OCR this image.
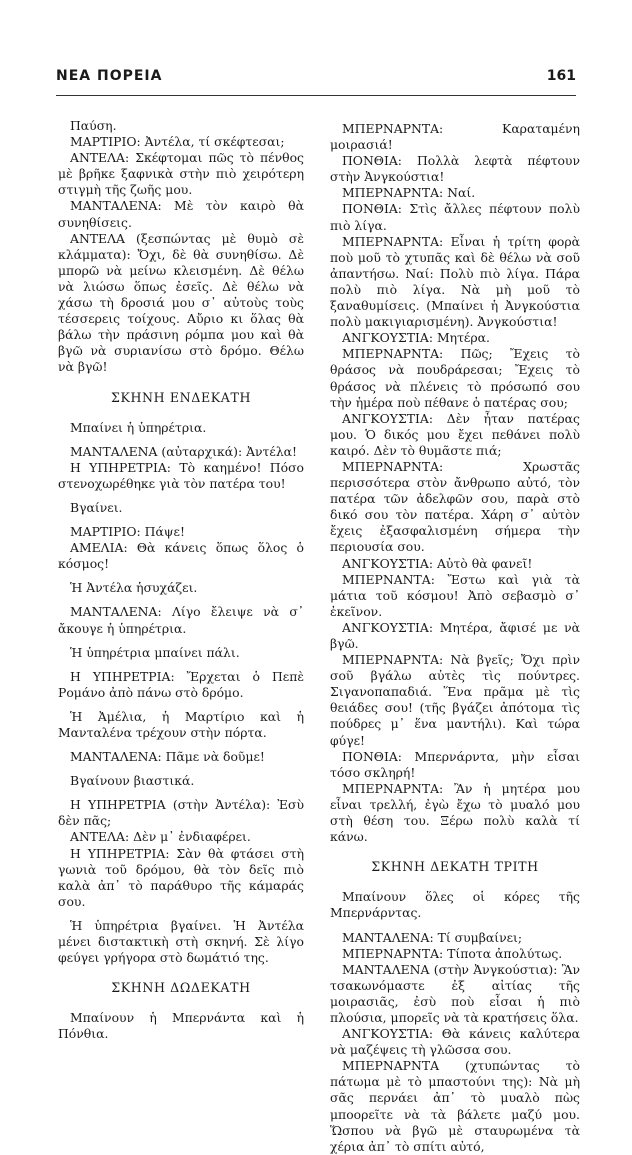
ΝΕΑ ΠΟΡΕΙΑ	161

Παύση.

ΜΑΡΤΙΡΙΟ: Ἀντέλα, τί σκέφτεσαι;

ΑΝΤΕΛΑ: Σκέφτομαι πῶς τὸ πένθος μὲ βρῆκε ξαφνικὰ στὴν πιὸ χειρότερη στιγμὴ τῆς ζωῆς μου.

ΜΑΝΤΑΛΕΝΑ: Μὲ τὸν καιρὸ θὰ συνηθίσεις.

ΑΝΤΕΛΑ (ξεσπώντας μὲ θυμὸ σὲ κλάμματα): Ὄχι, δὲ θὰ συνηθίσω. Δὲ μπορῶ νὰ μείνω κλεισμένη. Δὲ θέλω νὰ λιώσω ὅπως ἐσεῖς. Δὲ θέλω νὰ χάσω τὴ δροσιά μου σ᾽ αὐτοὺς τοὺς τέσσερεις τοίχους. Αὔριο κι ὅλας θὰ βάλω τὴν πράσινη ρόμπα μου καὶ θὰ βγῶ νὰ συριανίσω στὸ δρόμο. Θέλω νὰ βγῶ!

ΣΚΗΝΗ ΕΝΔΕΚΑΤΗ

Μπαίνει ἡ ὑπηρέτρια.

ΜΑΝΤΑΛΕΝΑ (αὐταρχικά): Ἀντέλα!

Η ΥΠΗΡΕΤΡΙΑ: Τὸ καημένο! Πόσο στενοχωρέθηκε γιὰ τὸν πατέρα του!

Βγαίνει.

ΜΑΡΤΙΡΙΟ: Πάψε!

ΑΜΕΛΙΑ: Θὰ κάνεις ὅπως ὅλος ὁ κόσμος!

Ἡ Ἀντέλα ἡσυχάζει.

ΜΑΝΤΑΛΕΝΑ: Λίγο ἔλειψε νὰ σ᾽ ἄκουγε ἡ ὑπηρέτρια.

Ἡ ὑπηρέτρια μπαίνει πάλι.

Η ΥΠΗΡΕΤΡΙΑ: Ἔρχεται ὁ Πεπὲ Ρομάνο ἀπὸ πάνω στὸ δρόμο.

Ἡ Ἀμέλια, ἡ Μαρτίριο καὶ ἡ Μανταλένα τρέχουν στὴν πόρτα.

ΜΑΝΤΑΛΕΝΑ: Πᾶμε νὰ δοῦμε!

Βγαίνουν βιαστικά.

Η ΥΠΗΡΕΤΡΙΑ (στὴν Ἀντέλα): Ἐσὺ δὲν πᾶς;

ΑΝΤΕΛΑ: Δὲν μ᾽ ἐνδιαφέρει.

Η ΥΠΗΡΕΤΡΙΑ: Σὰν θὰ φτάσει στὴ γωνιὰ τοῦ δρόμου, θὰ τὸν δεῖς πιὸ καλὰ ἀπ᾽ τὸ παράθυρο τῆς κάμαράς σου.

Ἡ ὑπηρέτρια βγαίνει. Ἡ Ἀντέλα μένει διστακτικὴ στὴ σκηνή. Σὲ λίγο φεύγει γρήγορα στὸ δωμάτιό της.

ΣΚΗΝΗ ΔΩΔΕΚΑΤΗ

Μπαίνουν ἡ Μπερνάντα καὶ ἡ Πόνθια.

ΜΠΕΡΝΑΡΝΤΑ: Καραταμένη μοιρασιά!

ΠΟΝΘΙΑ: Πολλὰ λεφτὰ πέφτουν στὴν Ἀνγκούστια!

ΜΠΕΡΝΑΡΝΤΑ: Ναί.

ΠΟΝΘΙΑ: Στὶς ἄλλες πέφτουν πολὺ πιὸ λίγα.

ΜΠΕΡΝΑΡΝΤΑ: Εἶναι ἡ τρίτη φορὰ ποὺ μοῦ τὸ χτυπᾶς καὶ δὲ θέλω νὰ σοῦ ἀπαντήσω. Ναί: Πολὺ πιὸ λίγα. Πάρα πολὺ πιὸ λίγα. Νὰ μὴ μοῦ τὸ ξαναθυμίσεις. (Μπαίνει ἡ Ἀνγκούστια πολὺ μακιγιαρισμένη). Ἀνγκούστια!

ΑΝΓΚΟΥΣΤΙΑ: Μητέρα.

ΜΠΕΡΝΑΡΝΤΑ: Πῶς; Ἔχεις τὸ θράσος νὰ πουδράρεσαι; Ἔχεις τὸ θράσος νὰ πλένεις τὸ πρόσωπό σου τὴν ἡμέρα ποὺ πέθανε ὁ πατέρας σου;

ΑΝΓΚΟΥΣΤΙΑ: Δὲν ἦταν πατέρας μου. Ὁ δικός μου ἔχει πεθάνει πολὺ καιρό. Δὲν τὸ θυμᾶστε πιά;

ΜΠΕΡΝΑΡΝΤΑ: Χρωστᾶς περισσότερα στὸν ἄνθρωπο αὐτό, τὸν πατέρα τῶν ἀδελφῶν σου, παρὰ στὸ δικό σου τὸν πατέρα. Χάρη σ᾽ αὐτὸν ἔχεις ἐξασφαλισμένη σήμερα τὴν περιουσία σου.

ΑΝΓΚΟΥΣΤΙΑ: Αὐτὸ θὰ φανεῖ!

ΜΠΕΡΝΑΝΤΑ: Ἔστω καὶ γιὰ τὰ μάτια τοῦ κόσμου! Ἀπὸ σεβασμὸ σ᾽ ἐκεῖνον.

ΑΝΓΚΟΥΣΤΙΑ: Μητέρα, ἄφισέ με νὰ βγῶ.

ΜΠΕΡΝΑΡΝΤΑ: Νὰ βγεῖς; Ὄχι πρὶν σοῦ βγάλω αὐτὲς τὶς πούντρες. Σιγανοπαπαδιά. Ἕνα πρᾶμα μὲ τὶς θειάδες σου! (τῆς βγάζει ἀπότομα τὶς πούδρες μ᾽ ἕνα μαντήλι). Καὶ τώρα φύγε!

ΠΟΝΘΙΑ: Μπερνάρντα, μὴν εἶσαι τόσο σκληρή!

ΜΠΕΡΝΑΡΝΤΑ: Ἂν ἡ μητέρα μου εἶναι τρελλή, ἐγὼ ἔχω τὸ μυαλό μου στὴ θέση του. Ξέρω πολὺ καλὰ τί κάνω.

ΣΚΗΝΗ ΔΕΚΑΤΗ ΤΡΙΤΗ

Μπαίνουν ὅλες οἱ κόρες τῆς Μπερνάρντας.

ΜΑΝΤΑΛΕΝΑ: Τί συμβαίνει;

ΜΠΕΡΝΑΡΝΤΑ: Τίποτα ἀπολύτως.

ΜΑΝΤΑΛΕΝΑ (στὴν Ἀνγκούστια): Ἂν τσακωνόμαστε ἐξ αἰτίας τῆς μοιρασιᾶς, ἐσὺ ποὺ εἶσαι ἡ πιὸ πλούσια, μπορεῖς νὰ τὰ κρατήσεις ὅλα.

ΑΝΓΚΟΥΣΤΙΑ: Θὰ κάνεις καλύτερα νὰ μαζέψεις τὴ γλῶσσα σου.

ΜΠΕΡΝΑΡΝΤΑ (χτυπώντας τὸ πάτωμα μὲ τὸ μπαστούνι της): Νὰ μὴ σᾶς περνάει ἀπ᾽ τὸ μυαλὸ πὼς μποορεῖτε νὰ τὰ βάλετε μαζύ μου. Ὥσπου νὰ βγῶ μὲ σταυρωμένα τὰ χέρια ἀπ᾽ τὸ σπίτι αὐτό,
